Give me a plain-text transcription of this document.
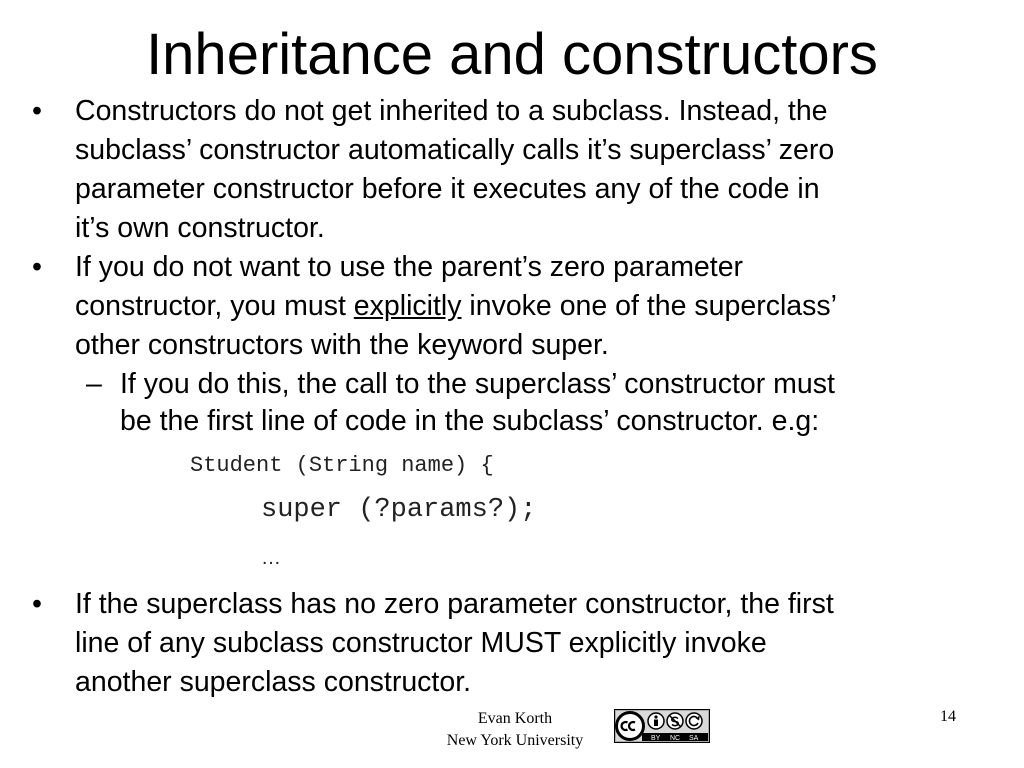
Inheritance and constructors
• Constructors do not get inherited to a subclass. Instead, the
subclass’ constructor automatically calls it’s superclass’ zero
parameter constructor before it executes any of the code in
it’s own constructor.
• If you do not want to use the parent’s zero parameter
constructor, you must explicitly invoke one of the superclass’
other constructors with the keyword super.
– If you do this, the call to the superclass’ constructor must
be the first line of code in the subclass’ constructor. e.g:
Student (String name) {
super (?params?);
…
• If the superclass has no zero parameter constructor, the first
line of any subclass constructor MUST explicitly invoke
another superclass constructor.
Evan Korth
New York University	BY NC SA
14
